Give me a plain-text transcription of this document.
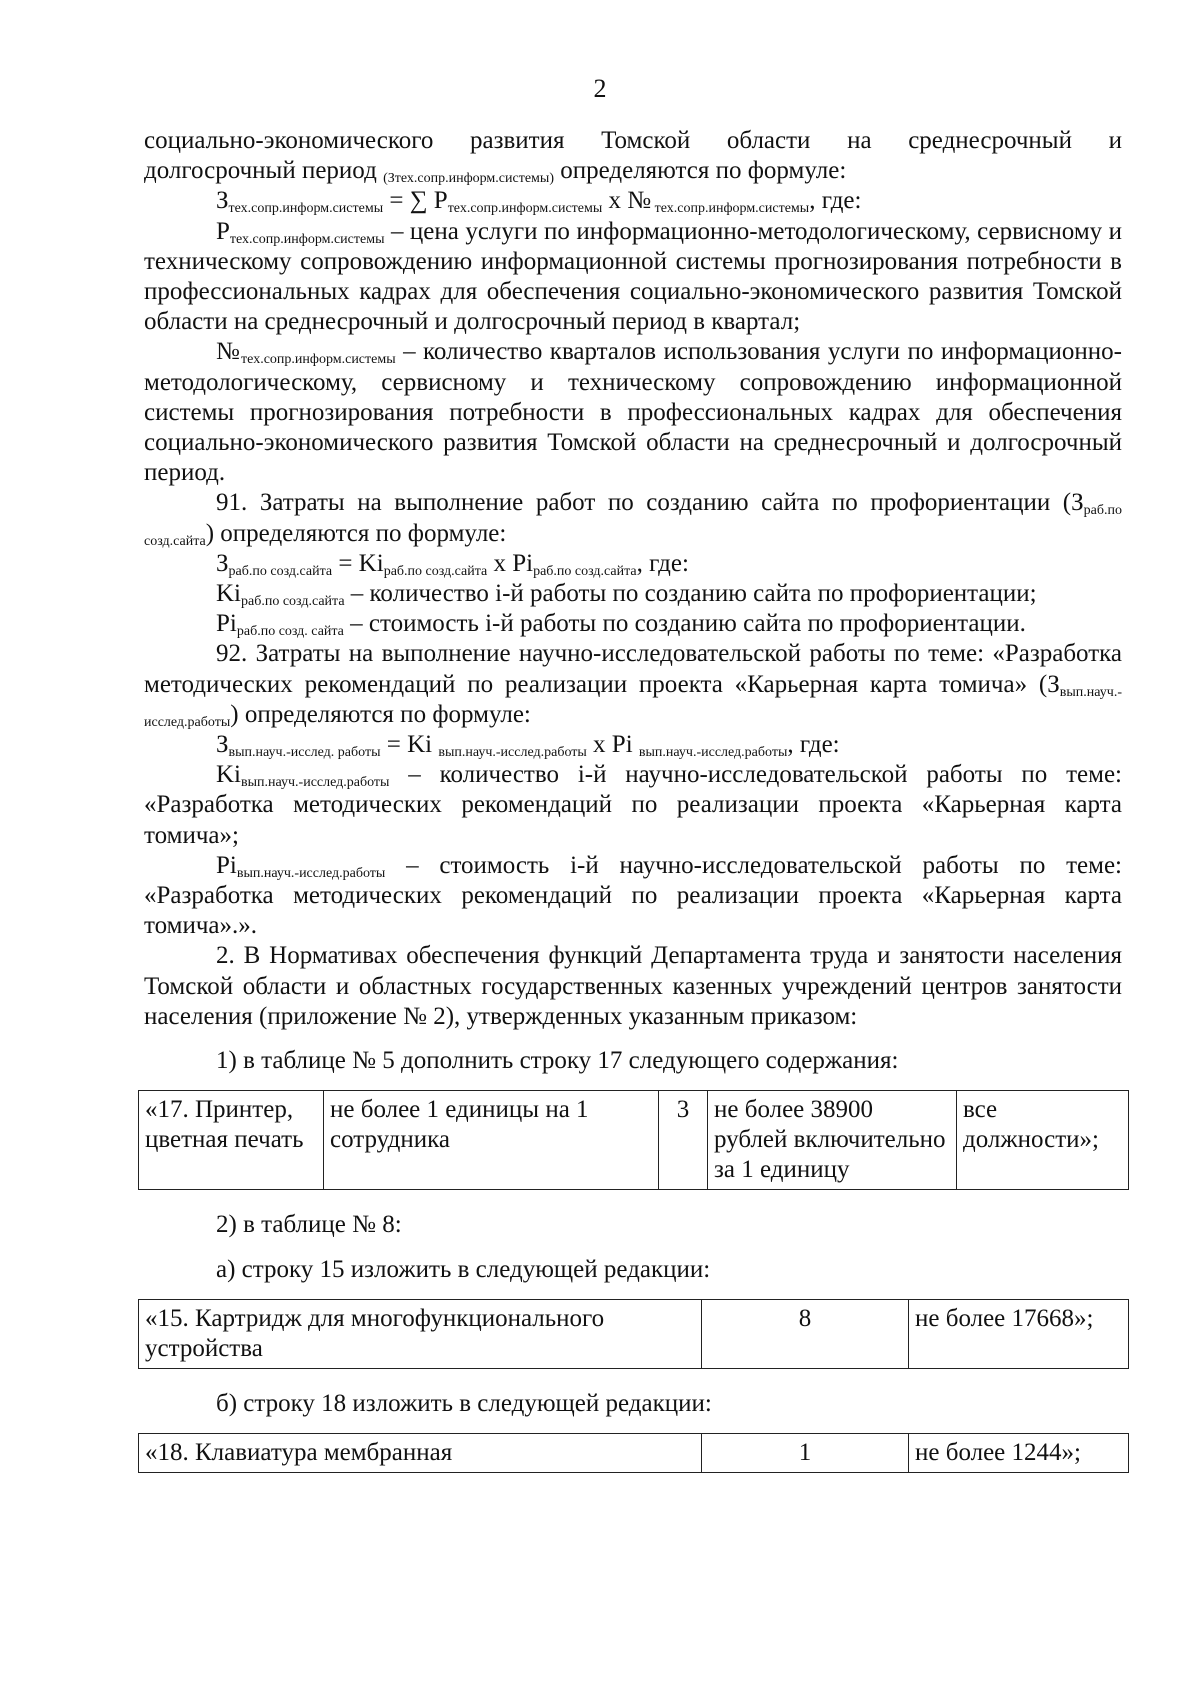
2

социально-экономического развития Томской области на среднесрочный и

долгосрочный период $_{(Зтех.сопр.информ.системы)}$ определяются по формуле:

$З_{тех.сопр.информ.системы}$ = ∑ $Р_{тех.сопр.информ.системы}$ х № $_{тех.сопр.информ.системы}$, где:

$Р_{тех.сопр.информ.системы}$ – цена услуги по информационно-методологическому, сервисному и техническому сопровождению информационной системы прогнозирования потребности в профессиональных кадрах для обеспечения социально-экономического развития Томской области на среднесрочный и долгосрочный период в квартал;

$№_{тех.сопр.информ.системы}$ – количество кварталов использования услуги по информационно-методологическому, сервисному и техническому сопровождению информационной системы прогнозирования потребности в профессиональных кадрах для обеспечения социально-экономического развития Томской области на среднесрочный и долгосрочный период.

91. Затраты на выполнение работ по созданию сайта по профориентации $(З_{раб.по созд.сайта})$ определяются по формуле:

$З_{раб.по созд.сайта} = Ki_{раб.по созд.сайта}$ х $Pi_{раб.по созд.сайта}$, где:

$Ki_{раб.по созд.сайта}$ – количество i-й работы по созданию сайта по профориентации;

$Pi_{раб.по созд. сайта}$ – стоимость i-й работы по созданию сайта по профориентации.

92. Затраты на выполнение научно-исследовательской работы по теме: «Разработка методических рекомендаций по реализации проекта «Карьерная карта томича» $(З_{вып.науч.-исслед.работы})$ определяются по формуле:

$З_{вып.науч.-исслед. работы} = Ki$ $_{вып.науч.-исслед.работы}$ х Pi $_{вып.науч.-исслед.работы}$, где:

$Ki_{вып.науч.-исслед.работы}$ – количество i-й научно-исследовательской работы по теме: «Разработка методических рекомендаций по реализации проекта «Карьерная карта томича»;

$Pi_{вып.науч.-исслед.работы}$ – стоимость i-й научно-исследовательской работы по теме: «Разработка методических рекомендаций по реализации проекта «Карьерная карта томича».».

2. В Нормативах обеспечения функций Департамента труда и занятости населения Томской области и областных государственных казенных учреждений центров занятости населения (приложение № 2), утвержденных указанным приказом:

1) в таблице № 5 дополнить строку 17 следующего содержания:

«17. Принтер, цветная печать	не более 1 единицы на 1 сотрудника	3	не более 38900 рублей включительно за 1 единицу	все должности»;

2) в таблице № 8:

а) строку 15 изложить в следующей редакции:

«15. Картридж для многофункционального устройства	8	не более 17668»;

б) строку 18 изложить в следующей редакции:

«18. Клавиатура мембранная	1	не более 1244»;
